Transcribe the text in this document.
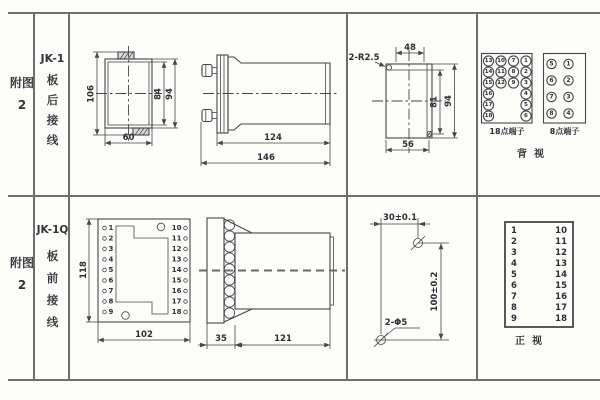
附图2
JK-1
板后接线
附图2
JK-1Q
板前接线
106	84 94
60	124
146
2-R2.5
48
81 94
56
13
14
15
16
17
18
10
11
12
7
8
9
1
2
3
4
5
6
18点端子
5
6
7
8
1
2
3
4
8点端子
背视
1
2
3
4
5
6
7
8
9
10
11
12
13
14
15
16
17
18
118
102	35	121
30±0.1
100±0.2
2-Φ5
1	10
2	11
3	12
4	13
5	14
6	15
7	16
8	17
9	18
正视
